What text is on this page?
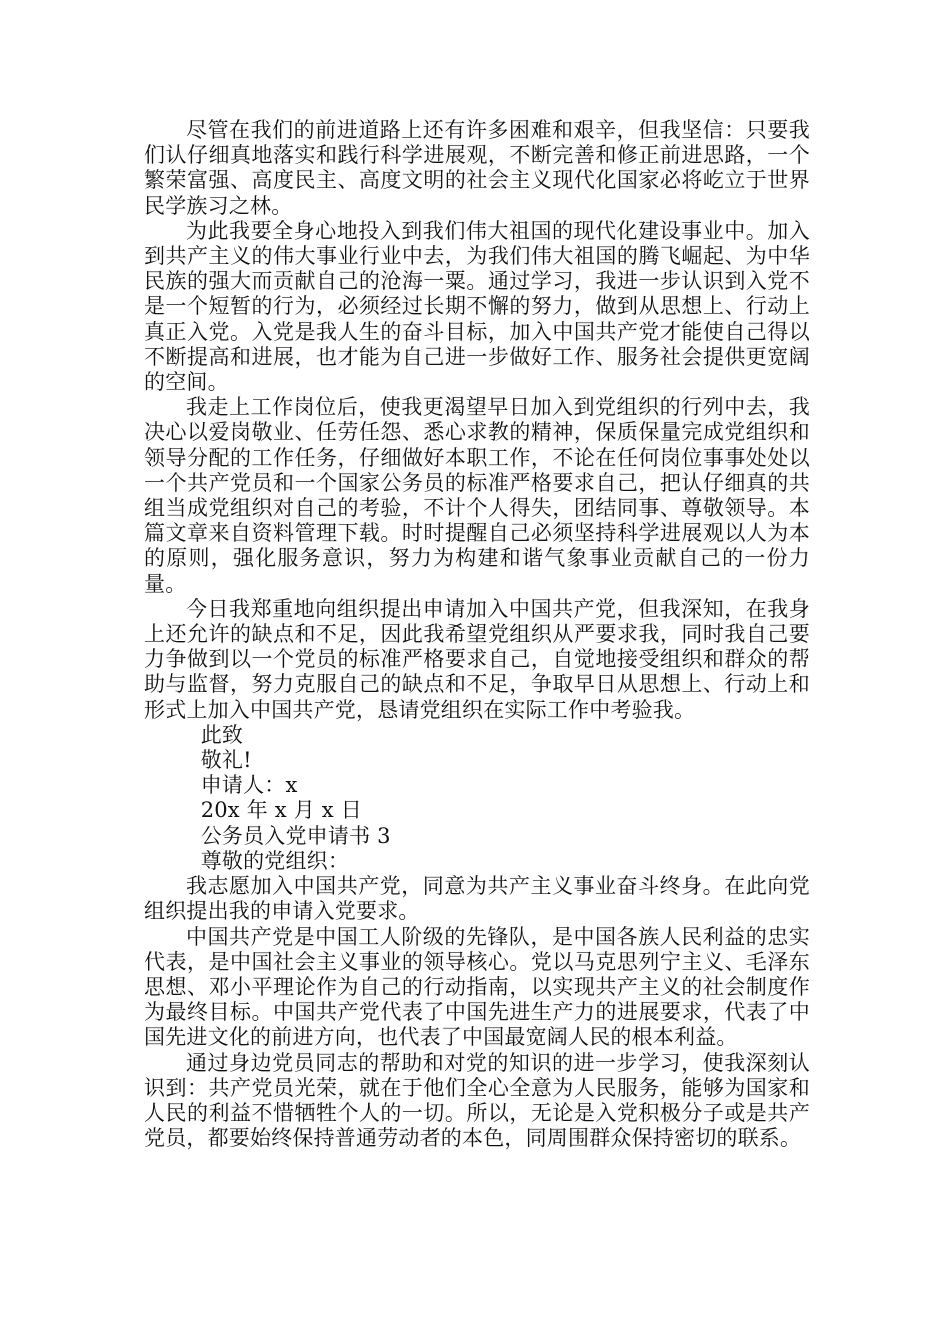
尽管在我们的前进道路上还有许多困难和艰辛，但我坚信：只要我们认仔细真地落实和践行科学进展观，不断完善和修正前进思路，一个繁荣富强、高度民主、高度文明的社会主义现代化国家必将屹立于世界民学族习之林。

为此我要全身心地投入到我们伟大祖国的现代化建设事业中。加入到共产主义的伟大事业行业中去，为我们伟大祖国的腾飞崛起、为中华民族的强大而贡献自己的沧海一粟。通过学习，我进一步认识到入党不是一个短暂的行为，必须经过长期不懈的努力，做到从思想上、行动上真正入党。入党是我人生的奋斗目标，加入中国共产党才能使自己得以不断提高和进展，也才能为自己进一步做好工作、服务社会提供更宽阔的空间。

我走上工作岗位后，使我更渴望早日加入到党组织的行列中去，我决心以爱岗敬业、任劳任怨、悉心求教的精神，保质保量完成党组织和领导分配的工作任务，仔细做好本职工作，不论在任何岗位事事处处以一个共产党员和一个国家公务员的标准严格要求自己，把认仔细真的共组当成党组织对自己的考验，不计个人得失，团结同事、尊敬领导。本篇文章来自资料管理下载。时时提醒自己必须坚持科学进展观以人为本的原则，强化服务意识，努力为构建和谐气象事业贡献自己的一份力量。

今日我郑重地向组织提出申请加入中国共产党，但我深知，在我身上还允许的缺点和不足，因此我希望党组织从严要求我，同时我自己要力争做到以一个党员的标准严格要求自己，自觉地接受组织和群众的帮助与监督，努力克服自己的缺点和不足，争取早日从思想上、行动上和形式上加入中国共产党，恳请党组织在实际工作中考验我。

此致

敬礼!

申请人：x

20x 年 x 月 x 日

公务员入党申请书 3

尊敬的党组织：

我志愿加入中国共产党，同意为共产主义事业奋斗终身。在此向党组织提出我的申请入党要求。

中国共产党是中国工人阶级的先锋队，是中国各族人民利益的忠实代表，是中国社会主义事业的领导核心。党以马克思列宁主义、毛泽东思想、邓小平理论作为自己的行动指南，以实现共产主义的社会制度作为最终目标。中国共产党代表了中国先进生产力的进展要求，代表了中国先进文化的前进方向，也代表了中国最宽阔人民的根本利益。

通过身边党员同志的帮助和对党的知识的进一步学习，使我深刻认识到：共产党员光荣，就在于他们全心全意为人民服务，能够为国家和人民的利益不惜牺牲个人的一切。所以，无论是入党积极分子或是共产党员，都要始终保持普通劳动者的本色，同周围群众保持密切的联系。
